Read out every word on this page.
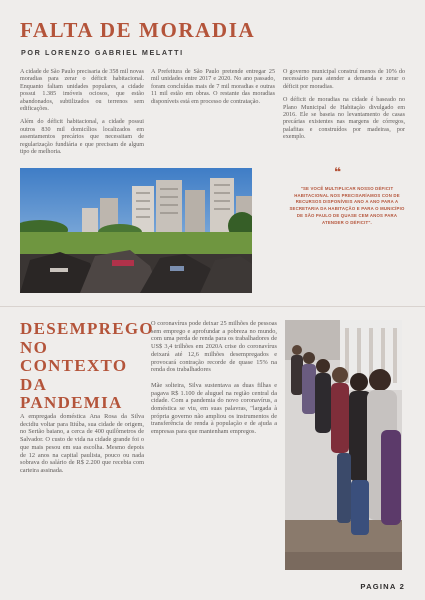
FALTA DE MORADIA
POR LORENZO GABRIEL MELATTI

A cidade de São Paulo precisaria de 358 mil novas moradias para zerar o déficit habitacional. Enquanto faltam unidades populares, a cidade possui 1.385 imóveis ociosos, que estão abandonados, subtilizados ou terrenos sem edificações.

Além do déficit habitacional, a cidade possui outros 830 mil domicílios localizados em assentamentos precários que necessitam de regularização fundiária e que precisam de algum tipo de melhoria.

A Prefeitura de São Paulo pretende entregar 25 mil unidades entre 2017 e 2020. No ano passado, foram concluídas mais de 7 mil moradias e outras 11 mil estão em obras. O restante das moradias disponíveis está em processo de contratação.

O governo municipal construí menos de 10% do necessário para atender a demanda e zerar o déficit por moradias.

O déficit de moradias na cidade é baseado no Plano Municipal de Habitação divulgado em 2016. Ele se baseia no levantamento de casas precárias existentes nas margens de córregos, palafitas e construídos por madeiras, por exemplo.

❝
"SE VOCÊ MULTIPLICAR NOSSO DÉFICIT HABITACIONAL NOS PRECISARÍAMOS CON DE RECURSOS DISPONÍVEIS ANO A ANO PARA A SECRETARIA DA HABITAÇÃO E PARA O MUNICÍPIO DE SÃO PAULO DE QUASE CEM ANOS PARA ATENDER O DÉFICIT".
DESEMPREGO NO CONTEXTO DA PANDEMIA

A empregada doméstica Ana Rosa da Silva decidiu voltar para Itiúba, sua cidade de origem, no Sertão baiano, a cerca de 400 quilômetros de Salvador. O custo de vida na cidade grande foi o que mais pesou em sua escolha. Mesmo depois de 12 anos na capital paulista, pouco ou nada sobrava do salário de R$ 2.200 que recebia com carteira assinada.

O coronavírus pode deixar 25 milhões de pessoas sem emprego e aprofundar a pobreza no mundo, com uma perda de renda para os trabalhadores de US$ 3,4 trilhões em 2020A crise do coronavírus deixará até 12,6 milhões desempregados e provocará contração recorde de quase 15% na renda dos trabalhadores

Mãe solteira, Silva sustentava as duas filhas e pagava R$ 1.100 de aluguel na região central da cidade. Com a pandemia do novo coronavírus, a doméstica se viu, em suas palavras, "largada à própria governo não ampliou os instrumentos de transferência de renda à população e de ajuda a empresas para que mantenham empregos.

PAGINA 2
